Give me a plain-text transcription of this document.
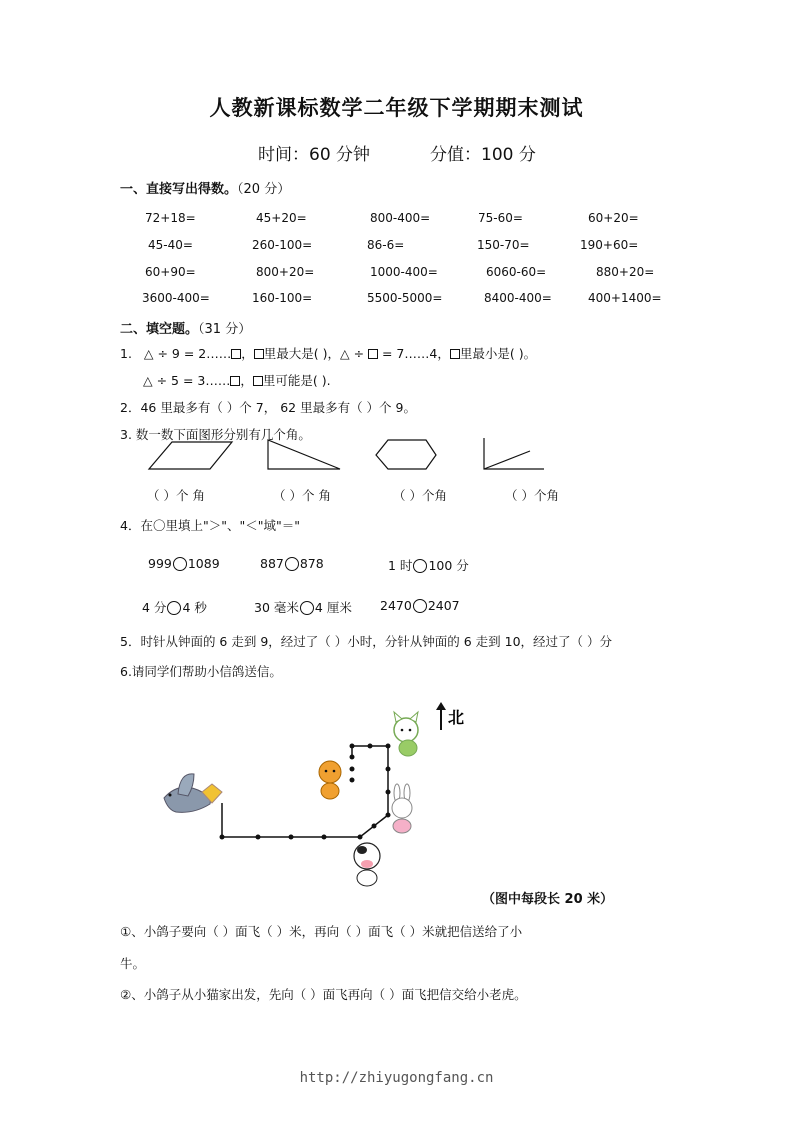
人教新课标数学二年级下学期期末测试
时间：60 分钟	分值：100 分
一、直接写出得数。（20 分）
72+18=	45+20=	800-400=	75-60=	60+20=
45-40=	260-100=	86-6=	150-70=	190+60=
60+90=	800+20=	1000-400=	6060-60=	880+20=
3600-400=	160-100=	5500-5000=	8400-400=	400+1400=
二、填空题。（31 分）
1. △ ÷ 9 = 2…… ， 里最大是( )，△ ÷  = 7……4， 里最小是( )。
△ ÷ 5 = 3…… ， 里可能是( ).
2．46 里最多有（ ）个 7， 62 里最多有（ ）个 9。
3. 数一数下面图形分别有几个角。
（ ）个 角	（ ）个 角	（ ）个角	（ ）个角
4．在〇里填上"＞"、"＜"域"＝"
999 1089	887 878	1 时 100 分
4 分 4 秒	30 毫米 4 厘米 2470 2407
5．时针从钟面的 6 走到 9，经过了（ ）小时，分针从钟面的 6 走到 10，经过了（ ）分
6.请同学们帮助小信鸽送信。
北
（图中每段长 20 米）
①、小鸽子要向（ ）面飞（ ）米，再向（ ）面飞（ ）米就把信送给了小
牛。
②、小鸽子从小猫家出发，先向（ ）面飞再向（ ）面飞把信交给小老虎。
http://zhiyugongfang.cn
